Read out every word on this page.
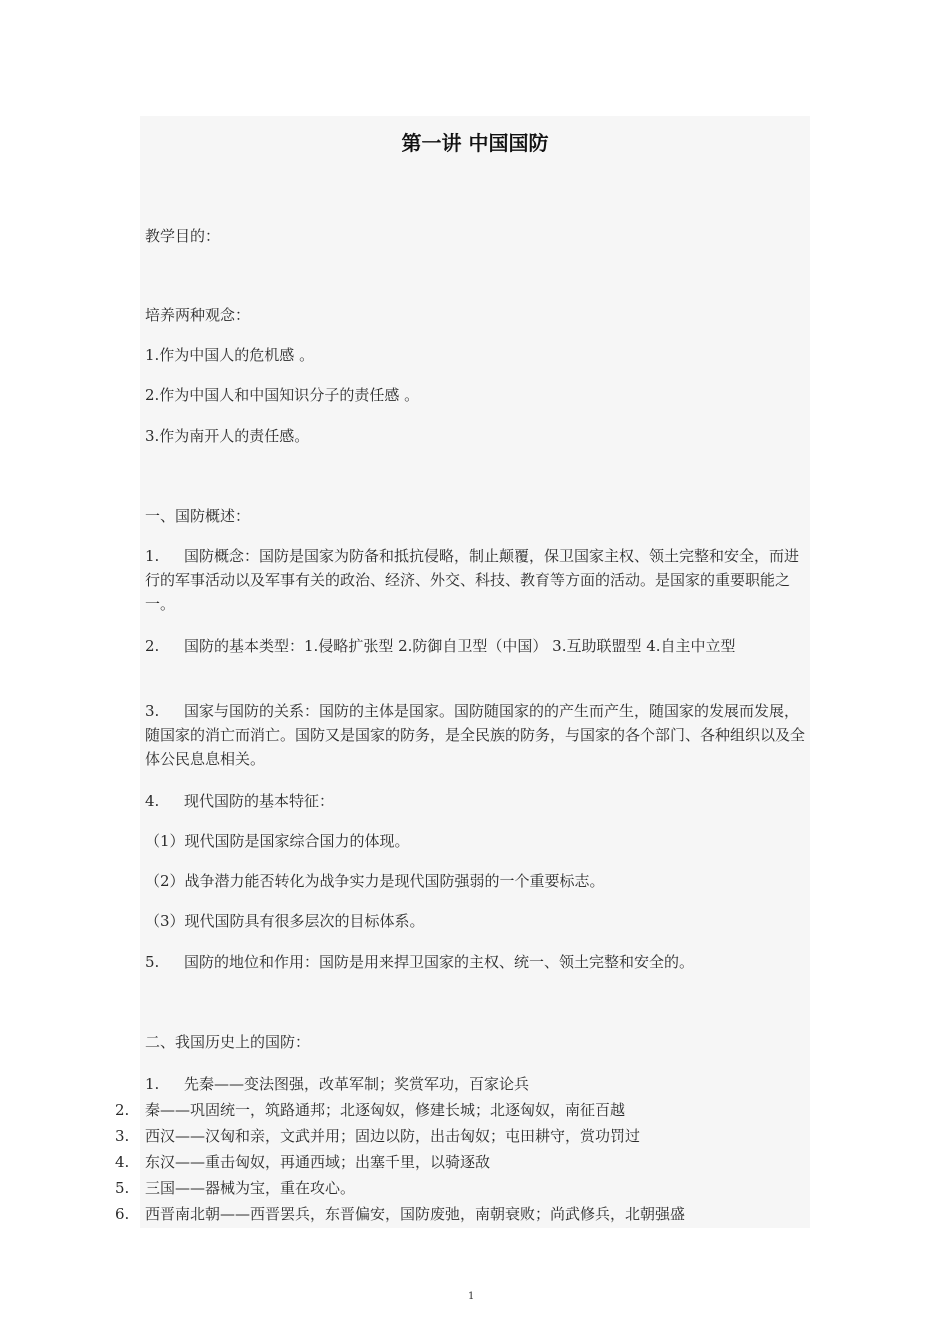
第一讲 中国国防
教学目的：
培养两种观念：
1.作为中国人的危机感 。
2.作为中国人和中国知识分子的责任感 。
3.作为南开人的责任感。
一、国防概述：
1. 国防概念：国防是国家为防备和抵抗侵略，制止颠覆，保卫国家主权、领土完整和安全，而进行的军事活动以及军事有关的政治、经济、外交、科技、教育等方面的活动。是国家的重要职能之一。
2. 国防的基本类型：1.侵略扩张型 2.防御自卫型（中国） 3.互助联盟型 4.自主中立型
3. 国家与国防的关系：国防的主体是国家。国防随国家的的产生而产生，随国家的发展而发展，随国家的消亡而消亡。国防又是国家的防务，是全民族的防务，与国家的各个部门、各种组织以及全体公民息息相关。
4. 现代国防的基本特征：
（1）现代国防是国家综合国力的体现。
（2）战争潜力能否转化为战争实力是现代国防强弱的一个重要标志。
（3）现代国防具有很多层次的目标体系。
5. 国防的地位和作用：国防是用来捍卫国家的主权、统一、领土完整和安全的。
二、我国历史上的国防：
1. 先秦——变法图强，改革军制；奖赏军功，百家论兵
2.	秦——巩固统一，筑路通邦；北逐匈奴，修建长城；北逐匈奴，南征百越
3.	西汉——汉匈和亲，文武并用；固边以防，出击匈奴；屯田耕守，赏功罚过
4.	东汉——重击匈奴，再通西域；出塞千里，以骑逐敌
5.	三国——器械为宝，重在攻心。
6.	西晋南北朝——西晋罢兵，东晋偏安，国防废弛，南朝衰败；尚武修兵，北朝强盛
1
